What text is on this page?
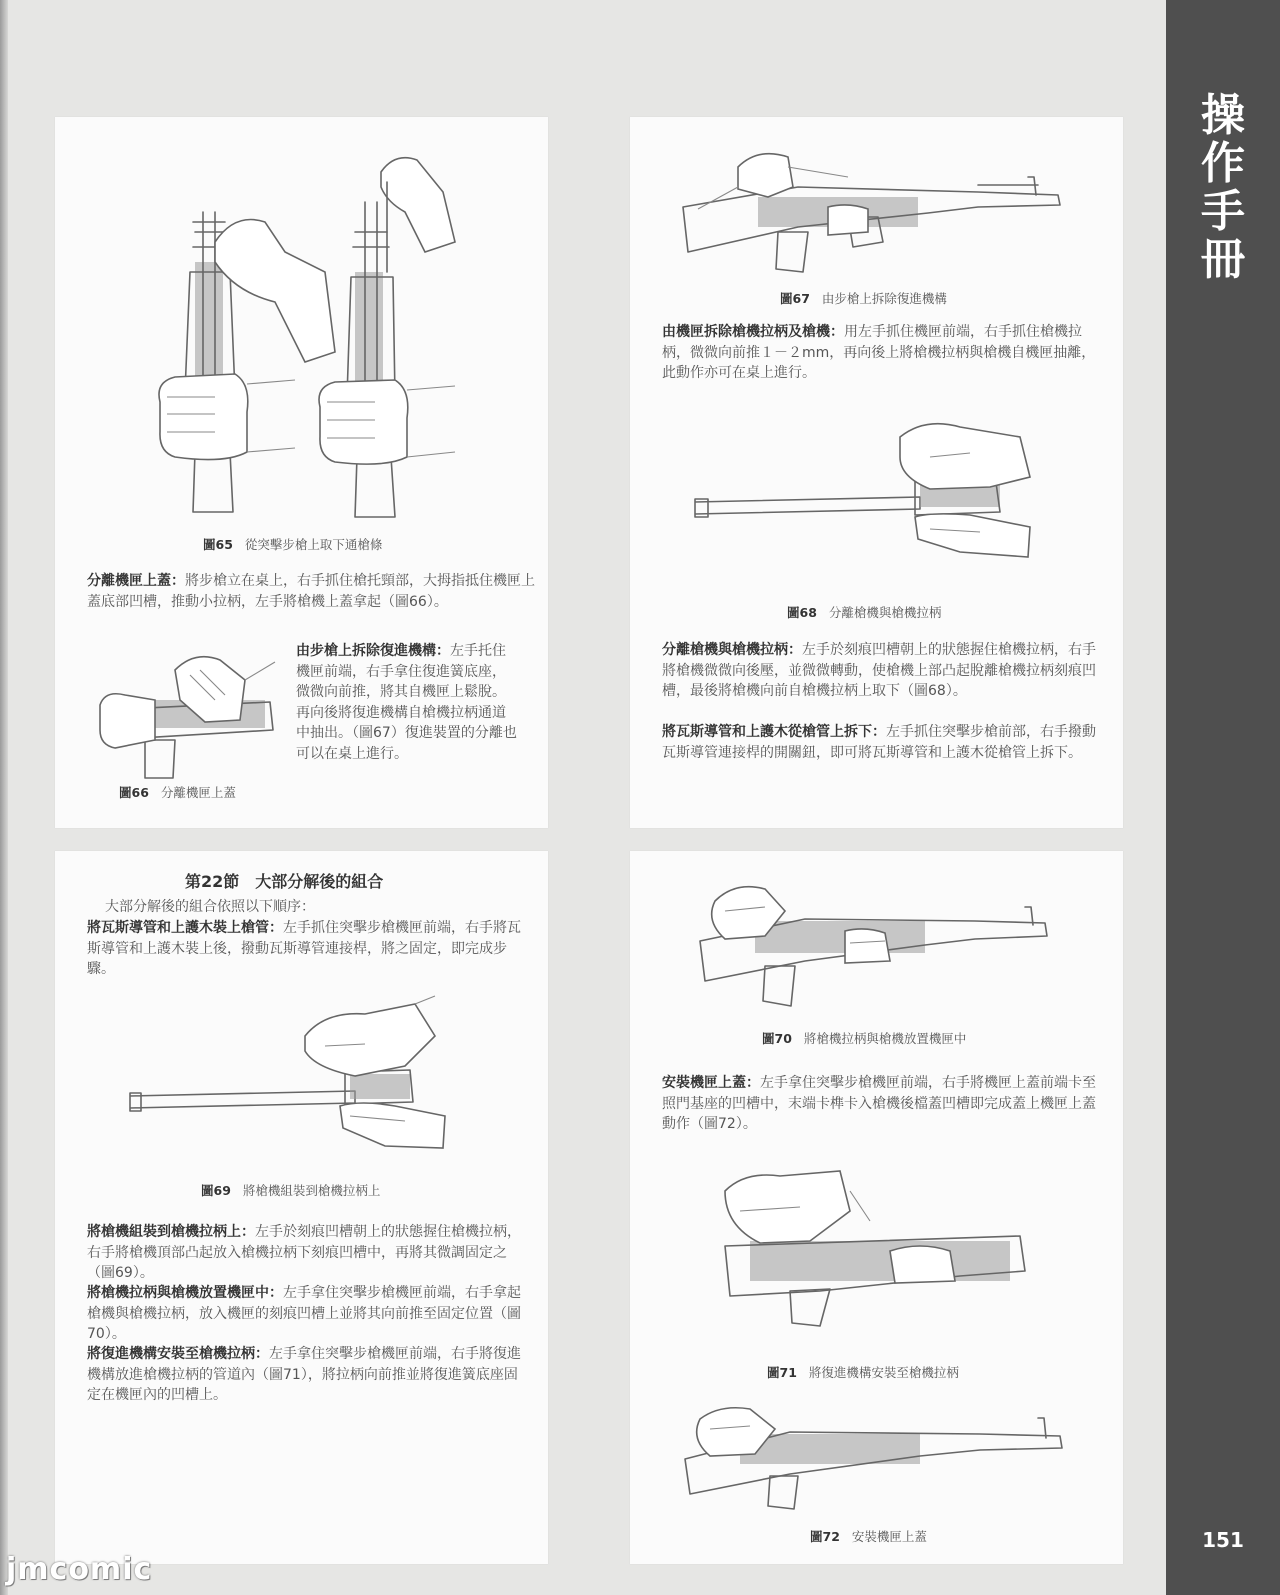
圖65 從突擊步槍上取下通槍條

分離機匣上蓋：將步槍立在桌上，右手抓住槍托頸部，大拇指抵住機匣上蓋底部凹槽，推動小拉柄，左手將槍機上蓋拿起（圖66）。

圖66 分離機匣上蓋

由步槍上拆除復進機構：左手托住機匣前端，右手拿住復進簧底座，微微向前推，將其自機匣上鬆脫。再向後將復進機構自槍機拉柄通道中抽出。（圖67）復進裝置的分離也可以在桌上進行。

圖67 由步槍上拆除復進機構

由機匣拆除槍機拉柄及槍機：用左手抓住機匣前端，右手抓住槍機拉柄，微微向前推１－２mm，再向後上將槍機拉柄與槍機自機匣抽離，此動作亦可在桌上進行。

圖68 分離槍機與槍機拉柄

分離槍機與槍機拉柄：左手於刻痕凹槽朝上的狀態握住槍機拉柄，右手將槍機微微向後壓，並微微轉動，使槍機上部凸起脫離槍機拉柄刻痕凹槽，最後將槍機向前自槍機拉柄上取下（圖68）。

將瓦斯導管和上護木從槍管上拆下：左手抓住突擊步槍前部，右手撥動瓦斯導管連接桿的開關鈕，即可將瓦斯導管和上護木從槍管上拆下。

第22節　大部分解後的組合

大部分解後的組合依照以下順序：

將瓦斯導管和上護木裝上槍管：左手抓住突擊步槍機匣前端，右手將瓦斯導管和上護木裝上後，撥動瓦斯導管連接桿，將之固定，即完成步驟。

圖69 將槍機組裝到槍機拉柄上

將槍機組裝到槍機拉柄上：左手於刻痕凹槽朝上的狀態握住槍機拉柄，右手將槍機頂部凸起放入槍機拉柄下刻痕凹槽中，再將其微調固定之（圖69）。

將槍機拉柄與槍機放置機匣中：左手拿住突擊步槍機匣前端，右手拿起槍機與槍機拉柄，放入機匣的刻痕凹槽上並將其向前推至固定位置（圖70）。

將復進機構安裝至槍機拉柄：左手拿住突擊步槍機匣前端，右手將復進機構放進槍機拉柄的管道內（圖71），將拉柄向前推並將復進簧底座固定在機匣內的凹槽上。

圖70 將槍機拉柄與槍機放置機匣中

安裝機匣上蓋：左手拿住突擊步槍機匣前端，右手將機匣上蓋前端卡至照門基座的凹槽中，末端卡榫卡入槍機後檔蓋凹槽即完成蓋上機匣上蓋動作（圖72）。

圖71 將復進機構安裝至槍機拉柄
圖72 安裝機匣上蓋
操
作
手
冊
151
jmcomic
